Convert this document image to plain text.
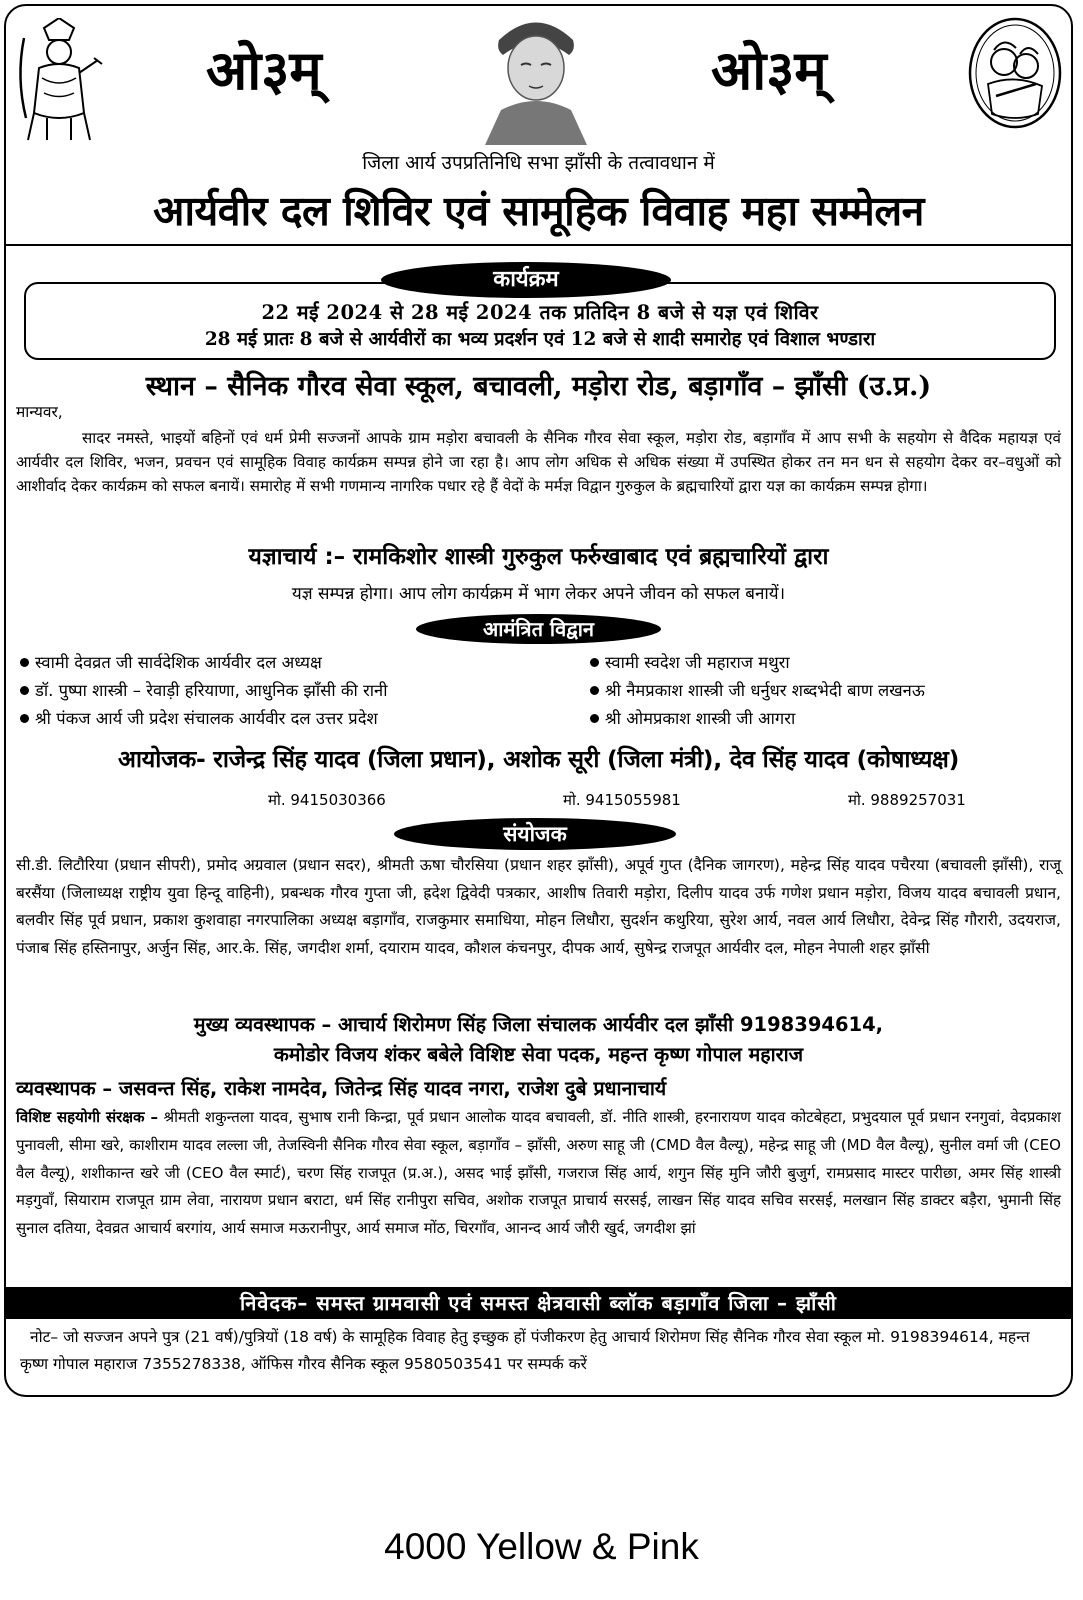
ओ३म्	ओ३म्
जिला आर्य उपप्रतिनिधि सभा झाँसी के तत्वावधान में
आर्यवीर दल शिविर एवं सामूहिक विवाह महा सम्मेलन
कार्यक्रम
22 मई 2024 से 28 मई 2024 तक प्रतिदिन 8 बजे से यज्ञ एवं शिविर
28 मई प्रातः 8 बजे से आर्यवीरों का भव्य प्रदर्शन एवं 12 बजे से शादी समारोह एवं विशाल भण्डारा
स्थान – सैनिक गौरव सेवा स्कूल, बचावली, मड़ोरा रोड, बड़ागाँव – झाँसी (उ.प्र.)
मान्यवर,
सादर नमस्ते, भाइयों बहिनों एवं धर्म प्रेमी सज्जनों आपके ग्राम मड़ोरा बचावली के सैनिक गौरव सेवा स्कूल, मड़ोरा रोड, बड़ागाँव में आप सभी के सहयोग से वैदिक महायज्ञ एवं आर्यवीर दल शिविर, भजन, प्रवचन एवं सामूहिक विवाह कार्यक्रम सम्पन्न होने जा रहा है। आप लोग अधिक से अधिक संख्या में उपस्थित होकर तन मन धन से सहयोग देकर वर–वधुओं को आशीर्वाद देकर कार्यक्रम को सफल बनायें। समारोह में सभी गणमान्य नागरिक पधार रहे हैं वेदों के मर्मज्ञ विद्वान गुरुकुल के ब्रह्मचारियों द्वारा यज्ञ का कार्यक्रम सम्पन्न होगा।
यज्ञाचार्य :– रामकिशोर शास्त्री गुरुकुल फर्रुखाबाद एवं ब्रह्मचारियों द्वारा
यज्ञ सम्पन्न होगा। आप लोग कार्यक्रम में भाग लेकर अपने जीवन को सफल बनायें।
आमंत्रित विद्वान
स्वामी देवव्रत जी सार्वदेशिक आर्यवीर दल अध्यक्ष
डॉ. पुष्पा शास्त्री – रेवाड़ी हरियाणा, आधुनिक झाँसी की रानी
श्री पंकज आर्य जी प्रदेश संचालक आर्यवीर दल उत्तर प्रदेश
स्वामी स्वदेश जी महाराज मथुरा
श्री नैमप्रकाश शास्त्री जी धर्नुधर शब्दभेदी बाण लखनऊ
श्री ओमप्रकाश शास्त्री जी आगरा
आयोजक- राजेन्द्र सिंह यादव (जिला प्रधान), अशोक सूरी (जिला मंत्री), देव सिंह यादव (कोषाध्यक्ष)
मो. 9415030366	मो. 9415055981	मो. 9889257031
संयोजक
सी.डी. लिटौरिया (प्रधान सीपरी), प्रमोद अग्रवाल (प्रधान सदर), श्रीमती ऊषा चौरसिया (प्रधान शहर झाँसी), अपूर्व गुप्त (दैनिक जागरण), महेन्द्र सिंह यादव पचैरया (बचावली झाँसी), राजू बरसैंया (जिलाध्यक्ष राष्ट्रीय युवा हिन्दू वाहिनी), प्रबन्धक गौरव गुप्ता जी, ह्रदेश द्विवेदी पत्रकार, आशीष तिवारी मड़ोरा, दिलीप यादव उर्फ गणेश प्रधान मड़ोरा, विजय यादव बचावली प्रधान, बलवीर सिंह पूर्व प्रधान, प्रकाश कुशवाहा नगरपालिका अध्यक्ष बड़ागाँव, राजकुमार समाधिया, मोहन लिधौरा, सुदर्शन कथुरिया, सुरेश आर्य, नवल आर्य लिधौरा, देवेन्द्र सिंह गौरारी, उदयराज, पंजाब सिंह हस्तिनापुर, अर्जुन सिंह, आर.के. सिंह, जगदीश शर्मा, दयाराम यादव, कौशल कंचनपुर, दीपक आर्य, सुषेन्द्र राजपूत आर्यवीर दल, मोहन नेपाली शहर झाँसी
मुख्य व्यवस्थापक – आचार्य शिरोमण सिंह जिला संचालक आर्यवीर दल झाँसी 9198394614,
कमोडोर विजय शंकर बबेले विशिष्ट सेवा पदक, महन्त कृष्ण गोपाल महाराज
व्यवस्थापक – जसवन्त सिंह, राकेश नामदेव, जितेन्द्र सिंह यादव नगरा, राजेश दुबे प्रधानाचार्य
विशिष्ट सहयोगी संरक्षक – श्रीमती शकुन्तला यादव, सुभाष रानी किन्द्रा, पूर्व प्रधान आलोक यादव बचावली, डॉ. नीति शास्त्री, हरनारायण यादव कोटबेहटा, प्रभुदयाल पूर्व प्रधान रनगुवां, वेदप्रकाश पुनावली, सीमा खरे, काशीराम यादव लल्ला जी, तेजस्विनी सैनिक गौरव सेवा स्कूल, बड़ागाँव – झाँसी, अरुण साहू जी (CMD वैल वैल्यू), महेन्द्र साहू जी (MD वैल वैल्यू), सुनील वर्मा जी (CEO वैल वैल्यू), शशीकान्त खरे जी (CEO वैल स्मार्ट), चरण सिंह राजपूत (प्र.अ.), असद भाई झाँसी, गजराज सिंह आर्य, शगुन सिंह मुनि जौरी बुजुर्ग, रामप्रसाद मास्टर पारीछा, अमर सिंह शास्त्री मड़गुवाँ, सियाराम राजपूत ग्राम लेवा, नारायण प्रधान बराटा, धर्म सिंह रानीपुरा सचिव, अशोक राजपूत प्राचार्य सरसई, लाखन सिंह यादव सचिव सरसई, मलखान सिंह डाक्टर बड़ैरा, भुमानी सिंह सुनाल दतिया, देवव्रत आचार्य बरगांय, आर्य समाज मऊरानीपुर, आर्य समाज मोंठ, चिरगाँव, आनन्द आर्य जौरी खुर्द, जगदीश झां
निवेदक– समस्त ग्रामवासी एवं समस्त क्षेत्रवासी ब्लॉक बड़ागाँव जिला – झाँसी
नोट– जो सज्जन अपने पुत्र (21 वर्ष)/पुत्रियों (18 वर्ष) के सामूहिक विवाह हेतु इच्छुक हों पंजीकरण हेतु आचार्य शिरोमण सिंह सैनिक गौरव सेवा स्कूल मो. 9198394614, महन्त कृष्ण गोपाल महाराज 7355278338, ऑफिस गौरव सैनिक स्कूल 9580503541 पर सम्पर्क करें
4000 Yellow & Pink
